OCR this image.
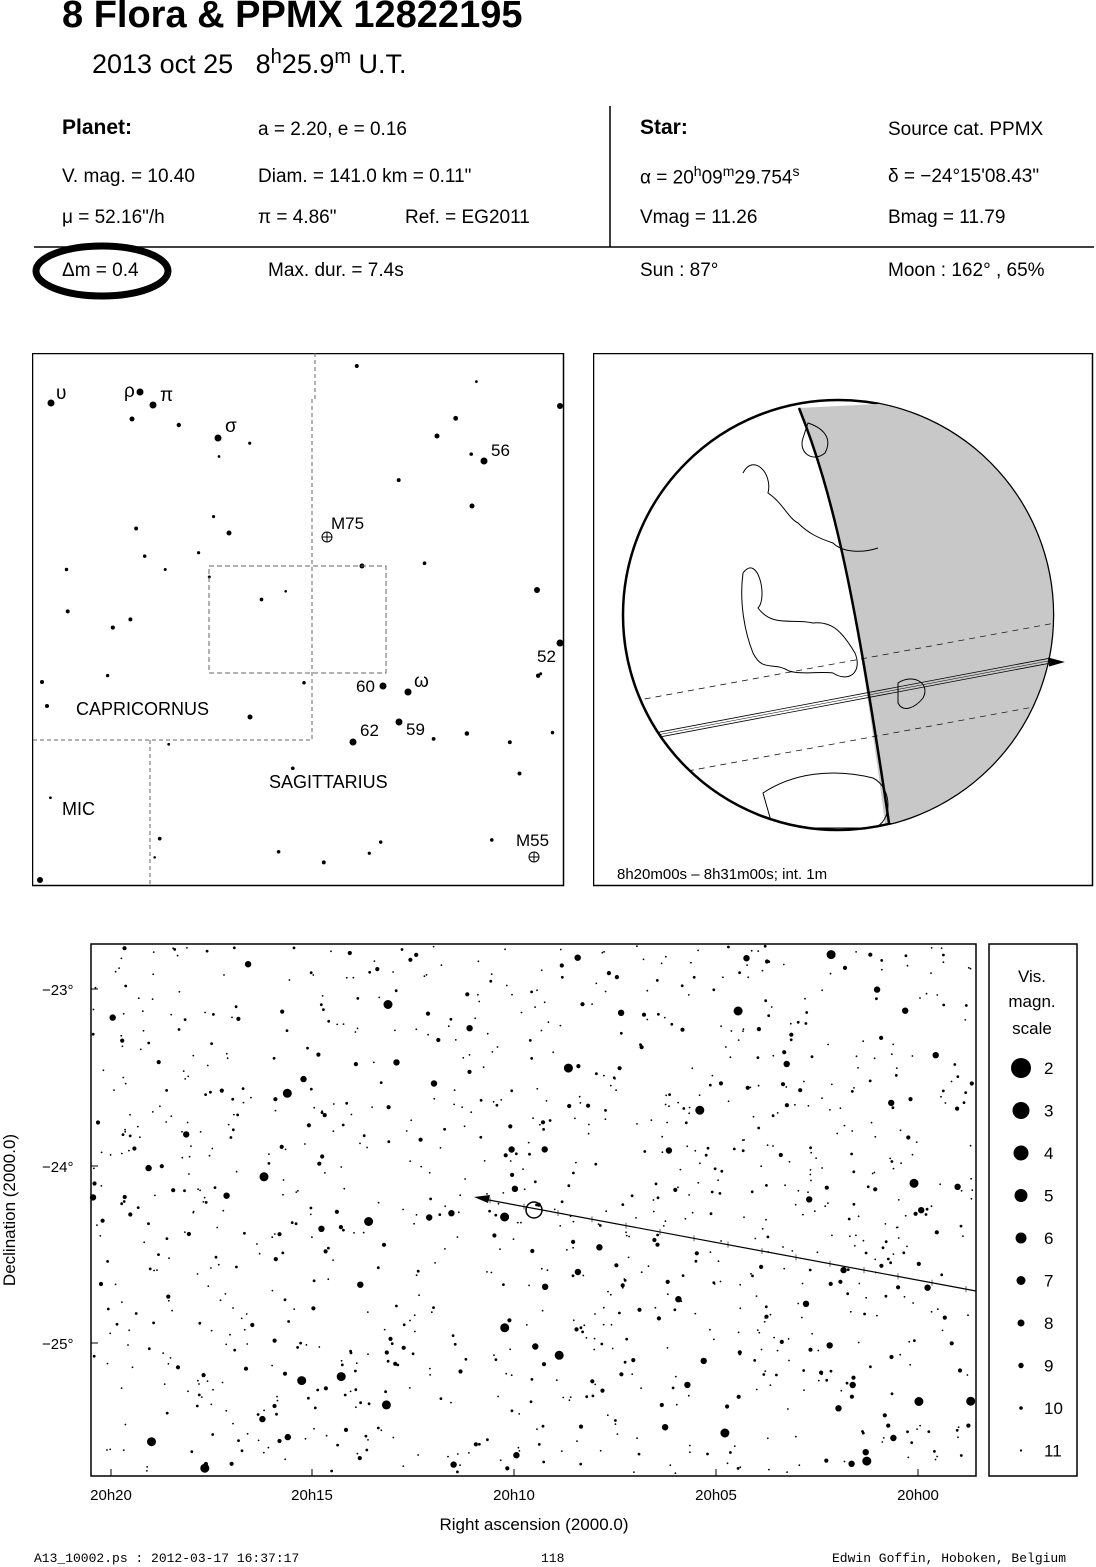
8 Flora & PPMX 12822195
2013 oct 25 8$^h$25.9$^m$ U.T.
Planet:	a = 2.20, e = 0.16
V. mag. = 10.40	Diam. = 141.0 km = 0.11"
μ = 52.16"/h	π = 4.86"	Ref. = EG2011
Star:	Source cat. PPMX
$\alpha = 20^h09^m29.754^s$	δ = −24°15'08.43"
Vmag = 11.26	Bmag = 11.79
Δm = 0.4	Max. dur. = 7.4s	Sun : 87°	Moon : 162° , 65%
υ	ρ π
σ
ω
56
52
60
59
62
M75
M55
CAPRICORNUS
SAGITTARIUS
MIC
8h20m00s – 8h31m00s; int. 1m
−23°
−24°
−25°
20h20	20h15	20h10	20h05	20h00
Right ascension (2000.0)
Declination (2000.0)
Vis.
magn.
scale
2
3
4
5
6
7
8
9
10
11
A13_10002.ps : 2012-03-17 16:37:17	118	Edwin Goffin, Hoboken, Belgium
